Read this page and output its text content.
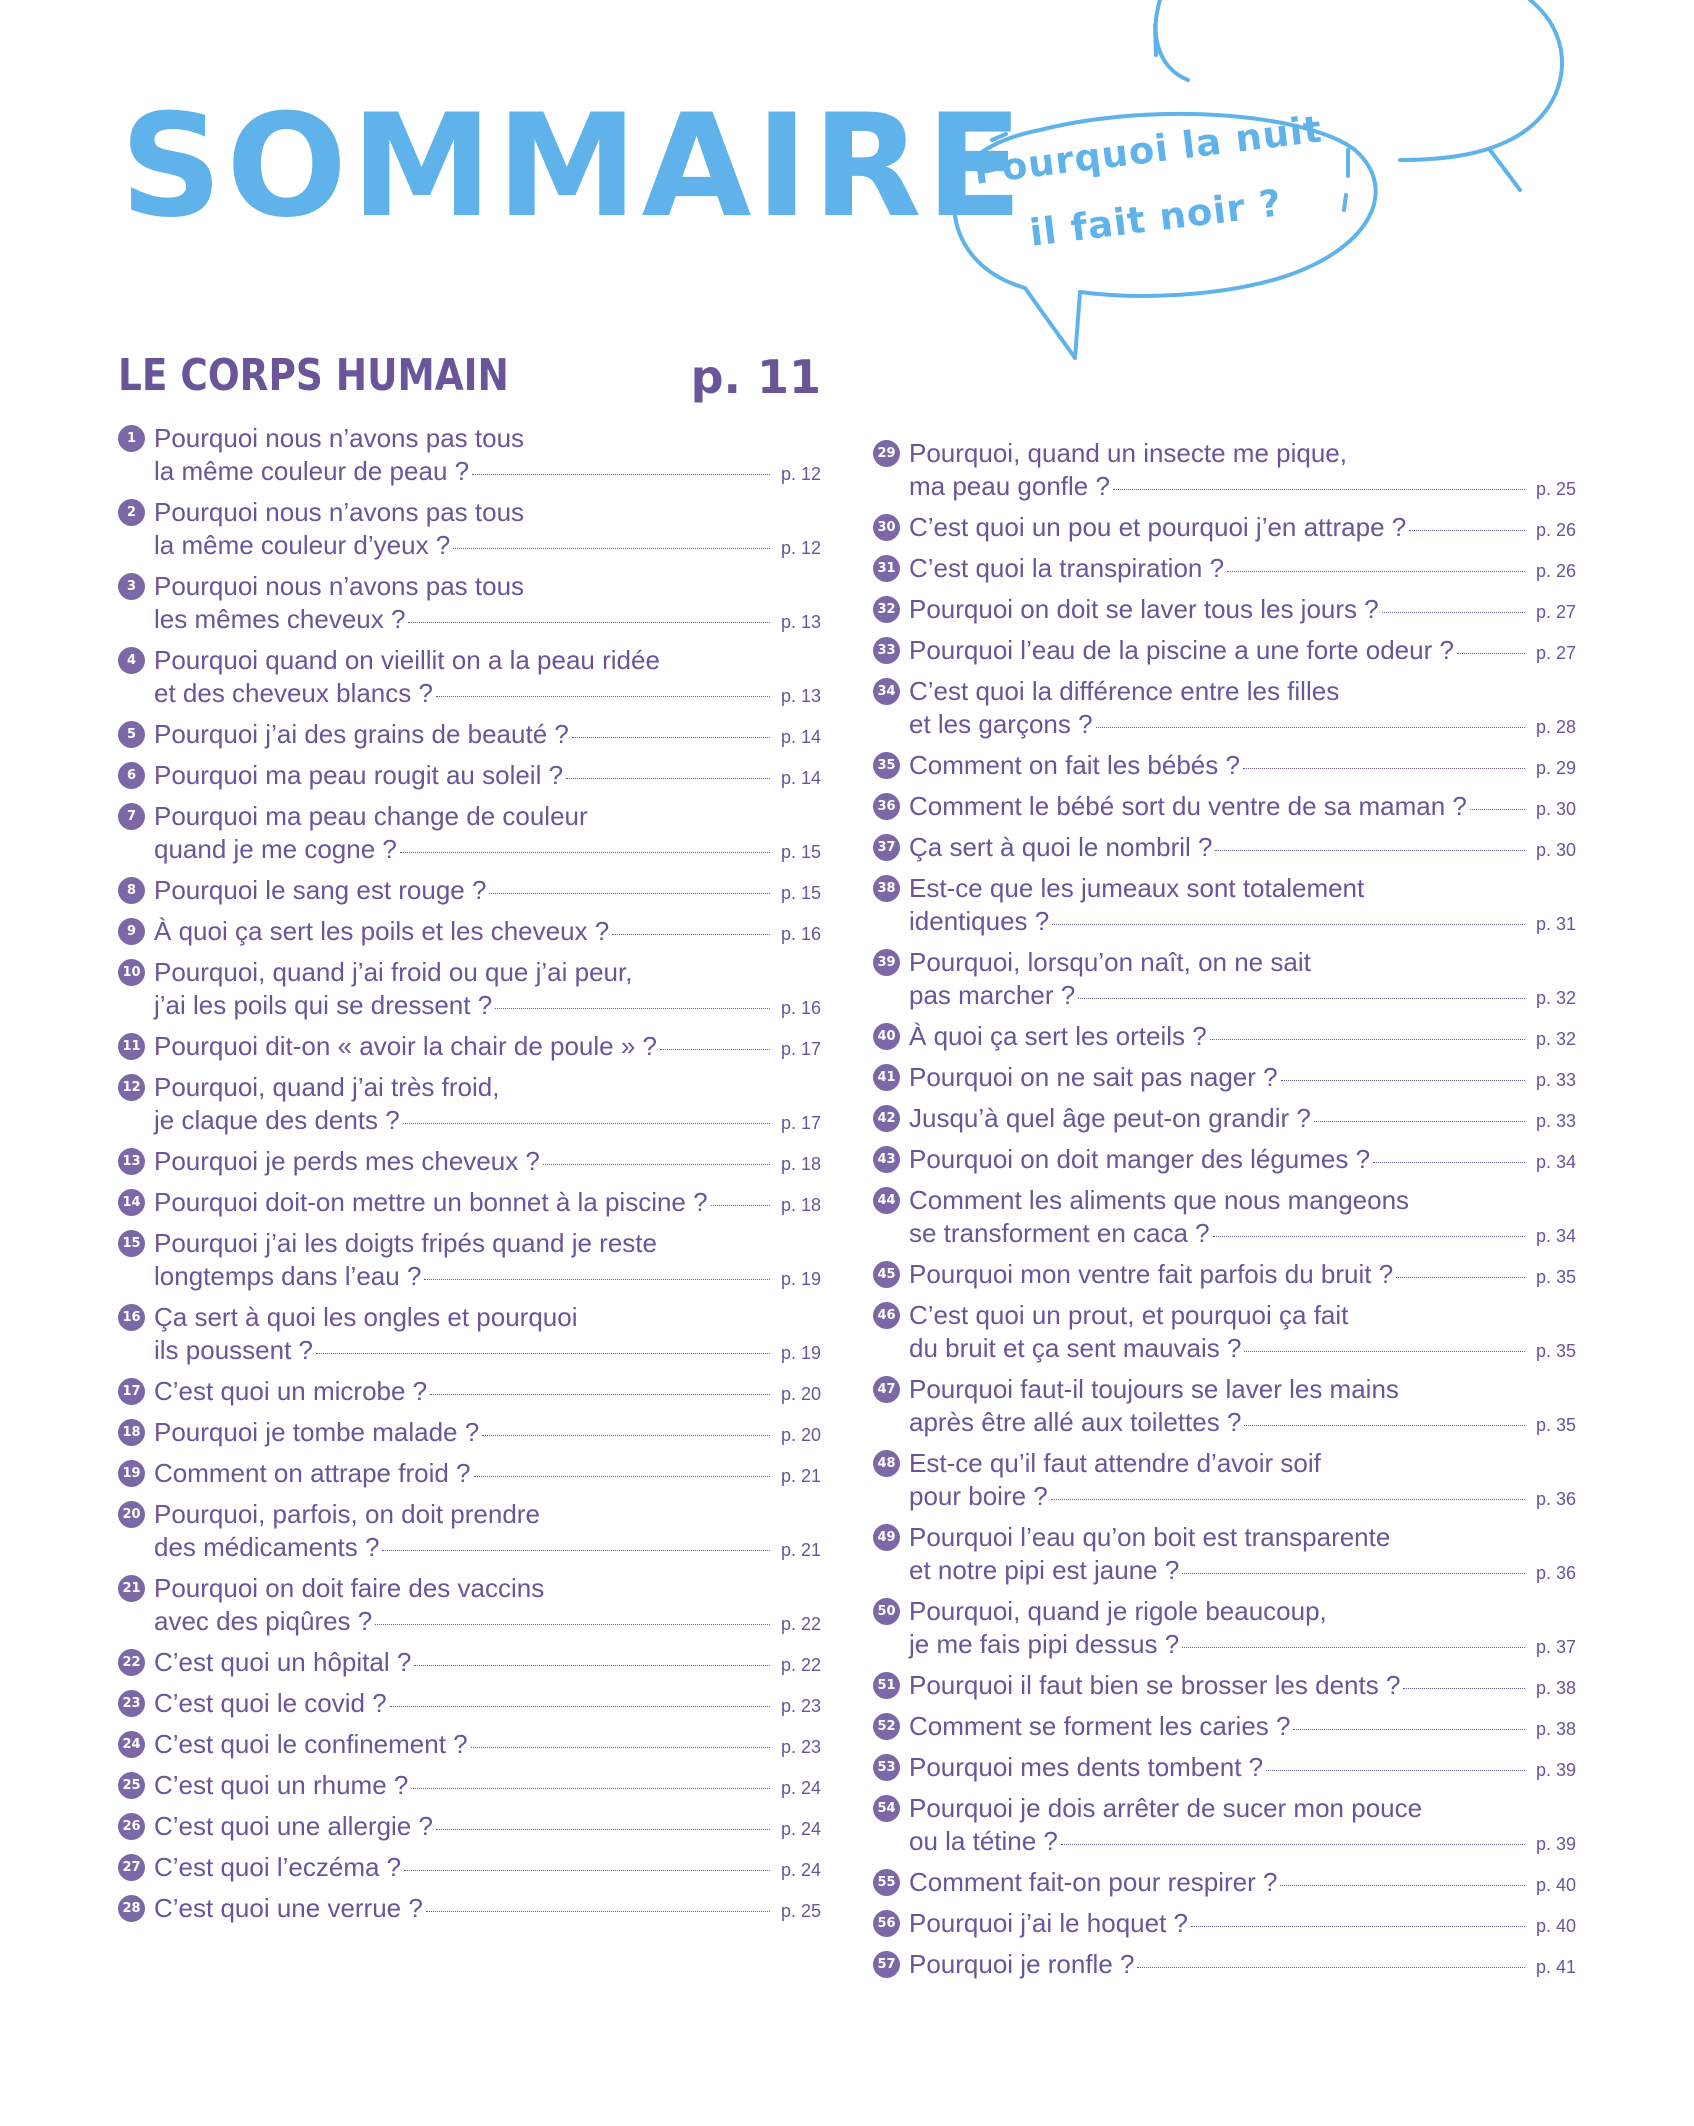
SOMMAIRE
Pourquoi la nuit
il fait noir ?
LE CORPS HUMAIN	p. 11
1 Pourquoi nous n’avons pas tous
la même couleur de peau ?	p. 12
2 Pourquoi nous n’avons pas tous
la même couleur d’yeux ?	p. 12
3 Pourquoi nous n’avons pas tous
les mêmes cheveux ?	p. 13
4 Pourquoi quand on vieillit on a la peau ridée
et des cheveux blancs ?	p. 13
5 Pourquoi j’ai des grains de beauté ?	p. 14
6 Pourquoi ma peau rougit au soleil ?	p. 14
7 Pourquoi ma peau change de couleur
quand je me cogne ?	p. 15
8 Pourquoi le sang est rouge ?	p. 15
9 À quoi ça sert les poils et les cheveux ?	p. 16
10 Pourquoi, quand j’ai froid ou que j’ai peur,
j’ai les poils qui se dressent ?	p. 16
11 Pourquoi dit-on « avoir la chair de poule » ?	p. 17
12 Pourquoi, quand j’ai très froid,
je claque des dents ?	p. 17
13 Pourquoi je perds mes cheveux ?	p. 18
14 Pourquoi doit-on mettre un bonnet à la piscine ?	p. 18
15 Pourquoi j’ai les doigts fripés quand je reste
longtemps dans l’eau ?	p. 19
16 Ça sert à quoi les ongles et pourquoi
ils poussent ?	p. 19
17 C’est quoi un microbe ?	p. 20
18 Pourquoi je tombe malade ?	p. 20
19 Comment on attrape froid ?	p. 21
20 Pourquoi, parfois, on doit prendre
des médicaments ?	p. 21
21 Pourquoi on doit faire des vaccins
avec des piqûres ?	p. 22
22 C’est quoi un hôpital ?	p. 22
23 C’est quoi le covid ?	p. 23
24 C’est quoi le confinement ?	p. 23
25 C’est quoi un rhume ?	p. 24
26 C’est quoi une allergie ?	p. 24
27 C’est quoi l’eczéma ?	p. 24
28 C’est quoi une verrue ?	p. 25
29 Pourquoi, quand un insecte me pique,
ma peau gonfle ?	p. 25
30 C’est quoi un pou et pourquoi j’en attrape ?	p. 26
31 C’est quoi la transpiration ?	p. 26
32 Pourquoi on doit se laver tous les jours ?	p. 27
33 Pourquoi l’eau de la piscine a une forte odeur ?	p. 27
34 C’est quoi la différence entre les filles
et les garçons ?	p. 28
35 Comment on fait les bébés ?	p. 29
36 Comment le bébé sort du ventre de sa maman ?	p. 30
37 Ça sert à quoi le nombril ?	p. 30
38 Est-ce que les jumeaux sont totalement
identiques ?	p. 31
39 Pourquoi, lorsqu’on naît, on ne sait
pas marcher ?	p. 32
40 À quoi ça sert les orteils ?	p. 32
41 Pourquoi on ne sait pas nager ?	p. 33
42 Jusqu’à quel âge peut-on grandir ?	p. 33
43 Pourquoi on doit manger des légumes ?	p. 34
44 Comment les aliments que nous mangeons
se transforment en caca ?	p. 34
45 Pourquoi mon ventre fait parfois du bruit ?	p. 35
46 C’est quoi un prout, et pourquoi ça fait
du bruit et ça sent mauvais ?	p. 35
47 Pourquoi faut-il toujours se laver les mains
après être allé aux toilettes ?	p. 35
48 Est-ce qu’il faut attendre d’avoir soif
pour boire ?	p. 36
49 Pourquoi l’eau qu’on boit est transparente
et notre pipi est jaune ?	p. 36
50 Pourquoi, quand je rigole beaucoup,
je me fais pipi dessus ?	p. 37
51 Pourquoi il faut bien se brosser les dents ?	p. 38
52 Comment se forment les caries ?	p. 38
53 Pourquoi mes dents tombent ?	p. 39
54 Pourquoi je dois arrêter de sucer mon pouce
ou la tétine ?	p. 39
55 Comment fait-on pour respirer ?	p. 40
56 Pourquoi j’ai le hoquet ?	p. 40
57 Pourquoi je ronfle ?	p. 41
